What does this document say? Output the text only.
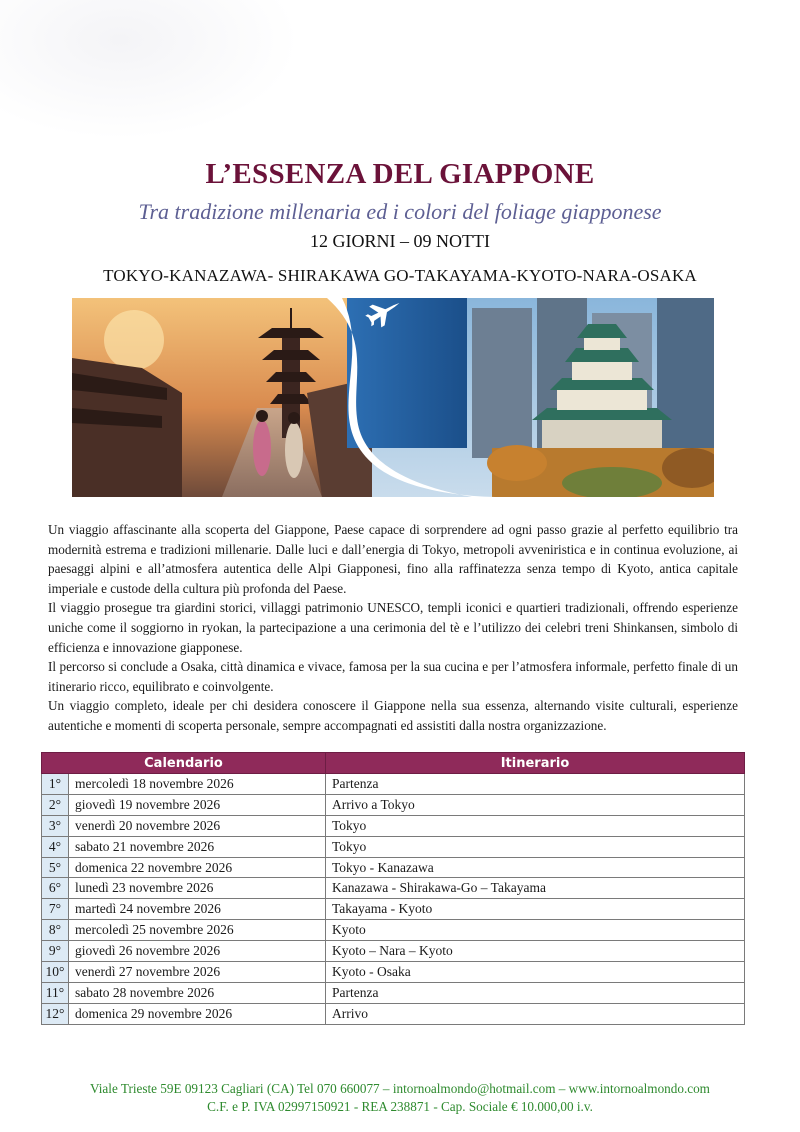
L’ESSENZA DEL GIAPPONE
Tra tradizione millenaria ed i colori del foliage giapponese
12 GIORNI – 09 NOTTI
TOKYO-KANAZAWA- SHIRAKAWA GO-TAKAYAMA-KYOTO-NARA-OSAKA

Un viaggio affascinante alla scoperta del Giappone, Paese capace di sorprendere ad ogni passo grazie al perfetto equilibrio tra modernità estrema e tradizioni millenarie. Dalle luci e dall’energia di Tokyo, metropoli avveniristica e in continua evoluzione, ai paesaggi alpini e all’atmosfera autentica delle Alpi Giapponesi, fino alla raffinatezza senza tempo di Kyoto, antica capitale imperiale e custode della cultura più profonda del Paese.

Il viaggio prosegue tra giardini storici, villaggi patrimonio UNESCO, templi iconici e quartieri tradizionali, offrendo esperienze uniche come il soggiorno in ryokan, la partecipazione a una cerimonia del tè e l’utilizzo dei celebri treni Shinkansen, simbolo di efficienza e innovazione giapponese.

Il percorso si conclude a Osaka, città dinamica e vivace, famosa per la sua cucina e per l’atmosfera informale, perfetto finale di un itinerario ricco, equilibrato e coinvolgente.

Un viaggio completo, ideale per chi desidera conoscere il Giappone nella sua essenza, alternando visite culturali, esperienze autentiche e momenti di scoperta personale, sempre accompagnati ed assistiti dalla nostra organizzazione.

Calendario		Itinerario
1°	mercoledì 18 novembre 2026	Partenza
2°	giovedì 19 novembre 2026	Arrivo a Tokyo
3°	venerdì 20 novembre 2026	Tokyo
4°	sabato 21 novembre 2026	Tokyo
5°	domenica 22 novembre 2026	Tokyo - Kanazawa
6°	lunedì 23 novembre 2026	Kanazawa - Shirakawa-Go – Takayama
7°	martedì 24 novembre 2026	Takayama - Kyoto
8°	mercoledì 25 novembre 2026	Kyoto
9°	giovedì 26 novembre 2026	Kyoto – Nara – Kyoto
10°	venerdì 27 novembre 2026	Kyoto - Osaka
11°	sabato 28 novembre 2026	Partenza
12°	domenica 29 novembre 2026	Arrivo
Viale Trieste 59E 09123 Cagliari (CA) Tel 070 660077 – intornoalmondo@hotmail.com – www.intornoalmondo.com
C.F. e P. IVA 02997150921 - REA 238871 - Cap. Sociale € 10.000,00 i.v.
